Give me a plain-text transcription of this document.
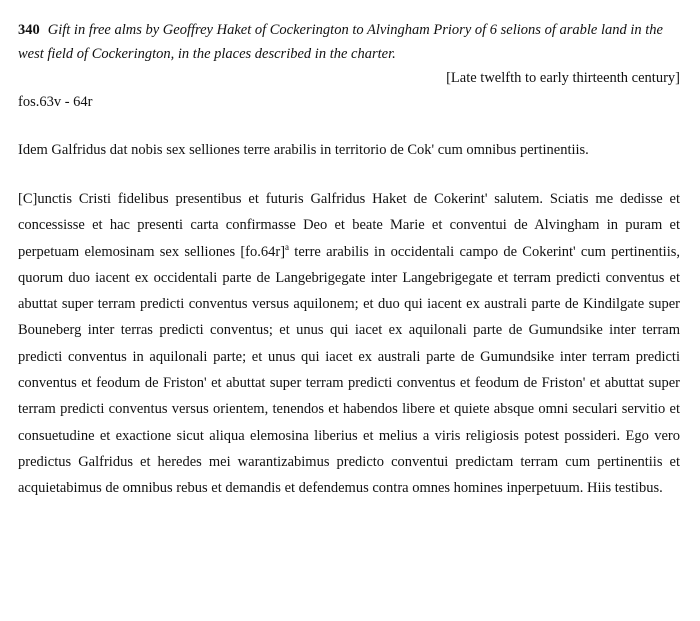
340 Gift in free alms by Geoffrey Haket of Cockerington to Alvingham Priory of 6 selions of arable land in the west field of Cockerington, in the places described in the charter.

[Late twelfth to early thirteenth century]

fos.63v - 64r

Idem Galfridus dat nobis sex selliones terre arabilis in territorio de Cok' cum omnibus pertinentiis.

[C]unctis Cristi fidelibus presentibus et futuris Galfridus Haket de Cokerint' salutem. Sciatis me dedisse et concessisse et hac presenti carta confirmasse Deo et beate Marie et conventui de Alvingham in puram et perpetuam elemosinam sex selliones $[fo.64r]^a$ terre arabilis in occidentali campo de Cokerint' cum pertinentiis, quorum duo iacent ex occidentali parte de Langebrigegate inter Langebrigegate et terram predicti conventus et abuttat super terram predicti conventus versus aquilonem; et duo qui iacent ex australi parte de Kindilgate super Bouneberg inter terras predicti conventus; et unus qui iacet ex aquilonali parte de Gumundsike inter terram predicti conventus in aquilonali parte; et unus qui iacet ex australi parte de Gumundsike inter terram predicti conventus et feodum de Friston' et abuttat super terram predicti conventus et feodum de Friston' et abuttat super terram predicti conventus versus orientem, tenendos et habendos libere et quiete absque omni seculari servitio et consuetudine et exactione sicut aliqua elemosina liberius et melius a viris religiosis potest possideri. Ego vero predictus Galfridus et heredes mei warantizabimus predicto conventui predictam terram cum pertinentiis et acquietabimus de omnibus rebus et demandis et defendemus contra omnes homines inperpetuum. Hiis testibus.
